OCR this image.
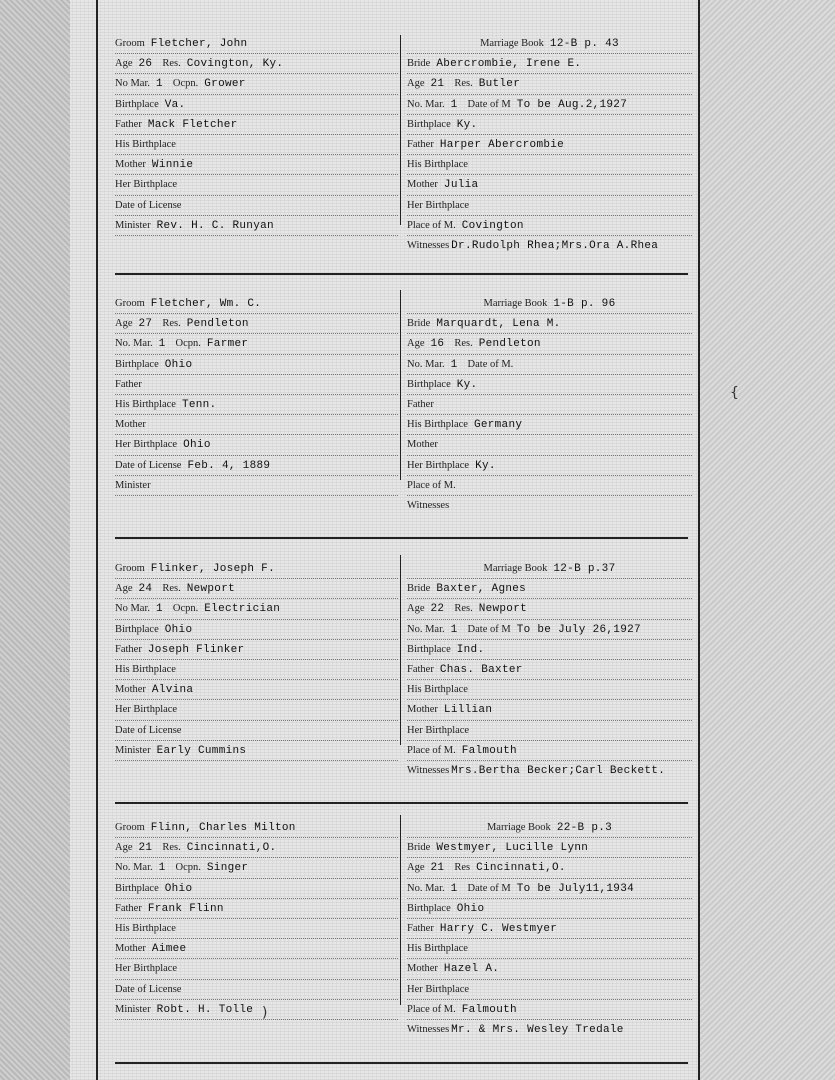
{
)
Groom Fletcher, John
Age 26 Res. Covington, Ky.
No Mar. 1 Ocpn. Grower
Birthplace Va.
Father Mack Fletcher
His Birthplace
Mother Winnie
Her Birthplace
Date of License
Minister Rev. H. C. Runyan
Marriage Book 12-B p. 43
Bride Abercrombie, Irene E.
Age 21 Res. Butler
No. Mar. 1 Date of M To be Aug.2,1927
Birthplace Ky.
Father Harper Abercrombie
His Birthplace
Mother Julia
Her Birthplace
Place of M. Covington
Witnesses Dr.Rudolph Rhea;Mrs.Ora A.Rhea
Groom Fletcher, Wm. C.
Age 27 Res. Pendleton
No. Mar. 1 Ocpn. Farmer
Birthplace Ohio
Father
His Birthplace Tenn.
Mother
Her Birthplace Ohio
Date of License Feb. 4, 1889
Minister
Marriage Book 1-B p. 96
Bride Marquardt, Lena M.
Age 16 Res. Pendleton
No. Mar. 1 Date of M.
Birthplace Ky.
Father
His Birthplace Germany
Mother
Her Birthplace Ky.
Place of M.
Witnesses
Groom Flinker, Joseph F.
Age 24 Res. Newport
No Mar. 1 Ocpn. Electrician
Birthplace Ohio
Father Joseph Flinker
His Birthplace
Mother Alvina
Her Birthplace
Date of License
Minister Early Cummins
Marriage Book 12-B p.37
Bride Baxter, Agnes
Age 22 Res. Newport
No. Mar. 1 Date of M To be July 26,1927
Birthplace Ind.
Father Chas. Baxter
His Birthplace
Mother Lillian
Her Birthplace
Place of M. Falmouth
Witnesses Mrs.Bertha Becker;Carl Beckett.
Groom Flinn, Charles Milton
Age 21 Res. Cincinnati,O.
No. Mar. 1 Ocpn. Singer
Birthplace Ohio
Father Frank Flinn
His Birthplace
Mother Aimee
Her Birthplace
Date of License
Minister Robt. H. Tolle
Marriage Book 22-B p.3
Bride Westmyer, Lucille Lynn
Age 21 Res Cincinnati,O.
No. Mar. 1 Date of M To be July11,1934
Birthplace Ohio
Father Harry C. Westmyer
His Birthplace
Mother Hazel A.
Her Birthplace
Place of M. Falmouth
Witnesses Mr. & Mrs. Wesley Tredale
